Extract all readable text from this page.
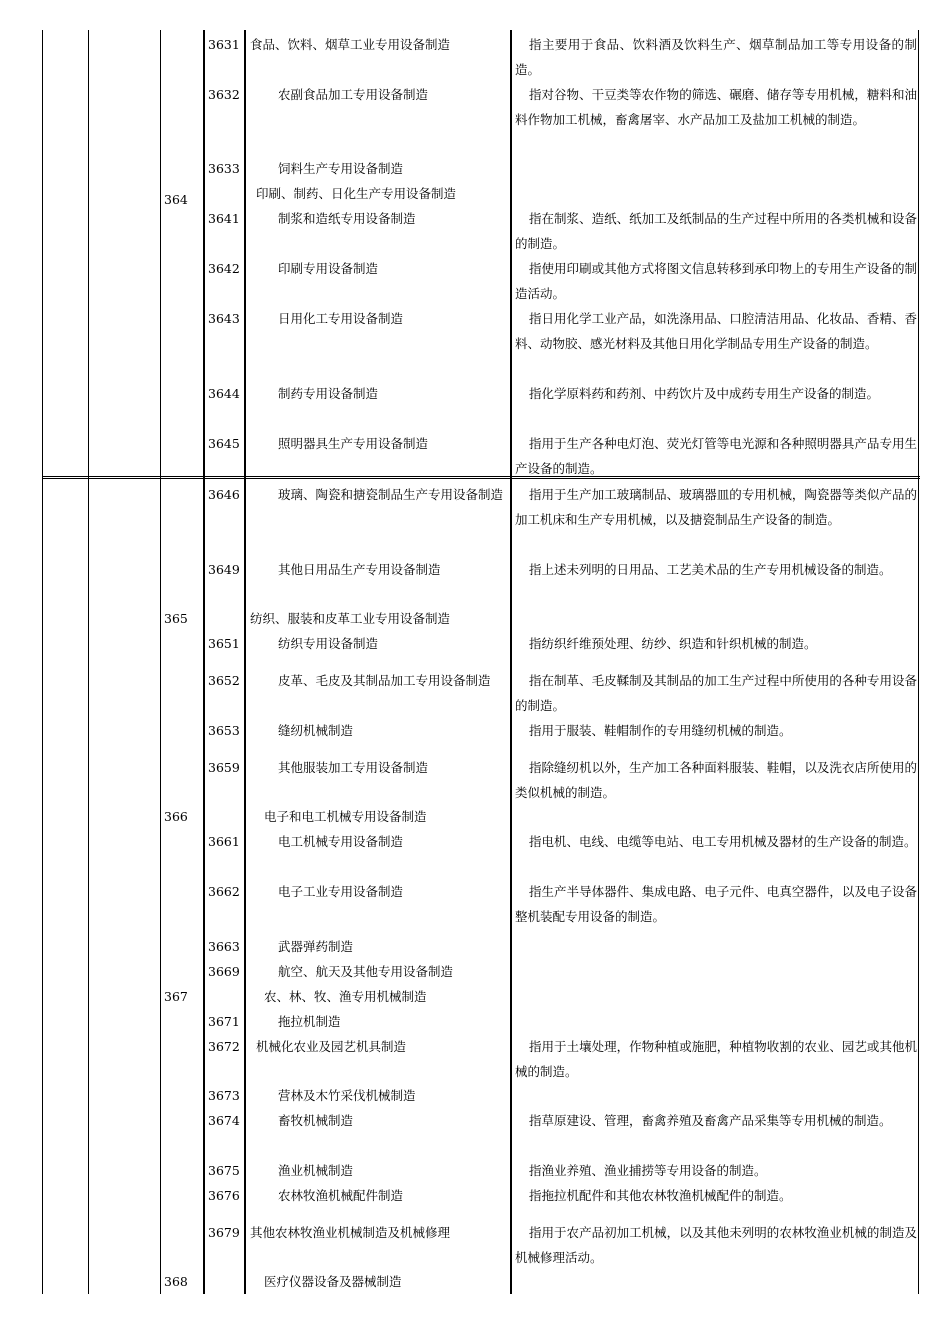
3631 食品、饮料、烟草工业专用设备制造	指主要用于食品、饮料酒及饮料生产、烟草制品加工等专用设备的制造。
3632	农副食品加工专用设备制造	指对谷物、干豆类等农作物的筛选、碾磨、储存等专用机械，糖料和油料作物加工机械，畜禽屠宰、水产品加工及盐加工机械的制造。
3633	饲料生产专用设备制造
364	印刷、制药、日化生产专用设备制造
3641	制浆和造纸专用设备制造	指在制浆、造纸、纸加工及纸制品的生产过程中所用的各类机械和设备的制造。
3642	印刷专用设备制造	指使用印刷或其他方式将图文信息转移到承印物上的专用生产设备的制造活动。
3643	日用化工专用设备制造	指日用化学工业产品，如洗涤用品、口腔清洁用品、化妆品、香精、香料、动物胶、感光材料及其他日用化学制品专用生产设备的制造。
3644	制药专用设备制造	指化学原料药和药剂、中药饮片及中成药专用生产设备的制造。
3645	照明器具生产专用设备制造	指用于生产各种电灯泡、荧光灯管等电光源和各种照明器具产品专用生产设备的制造。
3646	玻璃、陶瓷和搪瓷制品生产专用设备制造	指用于生产加工玻璃制品、玻璃器皿的专用机械，陶瓷器等类似产品的加工机床和生产专用机械，以及搪瓷制品生产设备的制造。
3649	其他日用品生产专用设备制造	指上述未列明的日用品、工艺美术品的生产专用机械设备的制造。
365	纺织、服装和皮革工业专用设备制造
3651	纺织专用设备制造	指纺织纤维预处理、纺纱、织造和针织机械的制造。
3652	皮革、毛皮及其制品加工专用设备制造	指在制革、毛皮鞣制及其制品的加工生产过程中所使用的各种专用设备的制造。
3653	缝纫机械制造	指用于服装、鞋帽制作的专用缝纫机械的制造。
3659	其他服装加工专用设备制造	指除缝纫机以外，生产加工各种面料服装、鞋帽，以及洗衣店所使用的类似机械的制造。
366	电子和电工机械专用设备制造
3661	电工机械专用设备制造	指电机、电线、电缆等电站、电工专用机械及器材的生产设备的制造。
3662	电子工业专用设备制造	指生产半导体器件、集成电路、电子元件、电真空器件，以及电子设备整机装配专用设备的制造。
3663	武器弹药制造
3669	航空、航天及其他专用设备制造
367	农、林、牧、渔专用机械制造
3671	拖拉机制造
3672	机械化农业及园艺机具制造	指用于土壤处理，作物种植或施肥，种植物收割的农业、园艺或其他机械的制造。
3673	营林及木竹采伐机械制造
3674	畜牧机械制造	指草原建设、管理，畜禽养殖及畜禽产品采集等专用机械的制造。
3675	渔业机械制造	指渔业养殖、渔业捕捞等专用设备的制造。
3676	农林牧渔机械配件制造	指拖拉机配件和其他农林牧渔机械配件的制造。
3679 其他农林牧渔业机械制造及机械修理	指用于农产品初加工机械，以及其他未列明的农林牧渔业机械的制造及机械修理活动。
368	医疗仪器设备及器械制造
